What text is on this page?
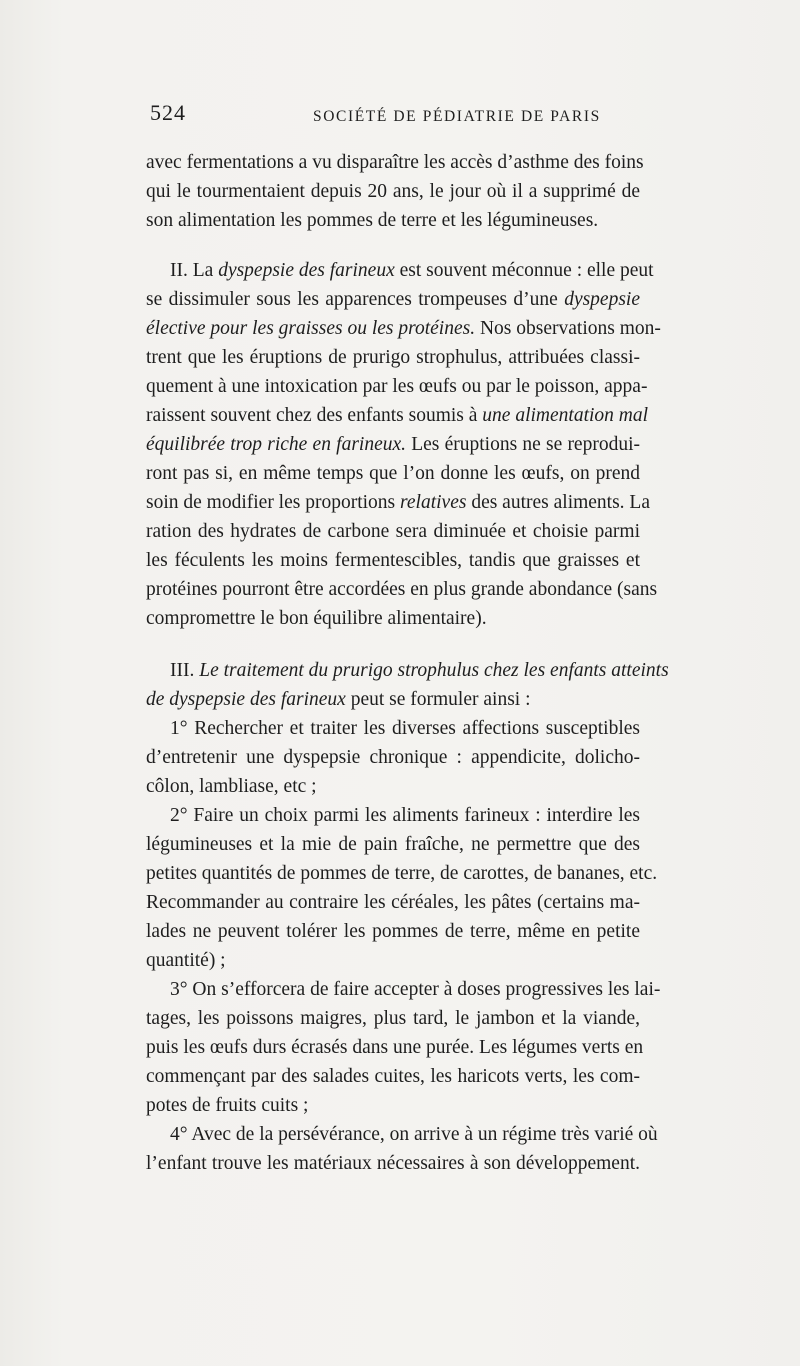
524	SOCIÉTÉ DE PÉDIATRIE DE PARIS
avec fermentations a vu disparaître les accès d’asthme des foins
qui le tourmentaient depuis 20 ans, le jour où il a supprimé de
son alimentation les pommes de terre et les légumineuses.
II. La dyspepsie des farineux est souvent méconnue : elle peut
se dissimuler sous les apparences trompeuses d’une dyspepsie
élective pour les graisses ou les protéines. Nos observations mon-
trent que les éruptions de prurigo strophulus, attribuées classi-
quement à une intoxication par les œufs ou par le poisson, appa-
raissent souvent chez des enfants soumis à une alimentation mal
équilibrée trop riche en farineux. Les éruptions ne se reprodui-
ront pas si, en même temps que l’on donne les œufs, on prend
soin de modifier les proportions relatives des autres aliments. La
ration des hydrates de carbone sera diminuée et choisie parmi
les féculents les moins fermentescibles, tandis que graisses et
protéines pourront être accordées en plus grande abondance (sans
compromettre le bon équilibre alimentaire).
III. Le traitement du prurigo strophulus chez les enfants atteints
de dyspepsie des farineux peut se formuler ainsi :
1° Rechercher et traiter les diverses affections susceptibles
d’entretenir une dyspepsie chronique : appendicite, dolicho-
côlon, lambliase, etc ;
2° Faire un choix parmi les aliments farineux : interdire les
légumineuses et la mie de pain fraîche, ne permettre que des
petites quantités de pommes de terre, de carottes, de bananes, etc.
Recommander au contraire les céréales, les pâtes (certains ma-
lades ne peuvent tolérer les pommes de terre, même en petite
quantité) ;
3° On s’efforcera de faire accepter à doses progressives les lai-
tages, les poissons maigres, plus tard, le jambon et la viande,
puis les œufs durs écrasés dans une purée. Les légumes verts en
commençant par des salades cuites, les haricots verts, les com-
potes de fruits cuits ;
4° Avec de la persévérance, on arrive à un régime très varié où
l’enfant trouve les matériaux nécessaires à son développement.
